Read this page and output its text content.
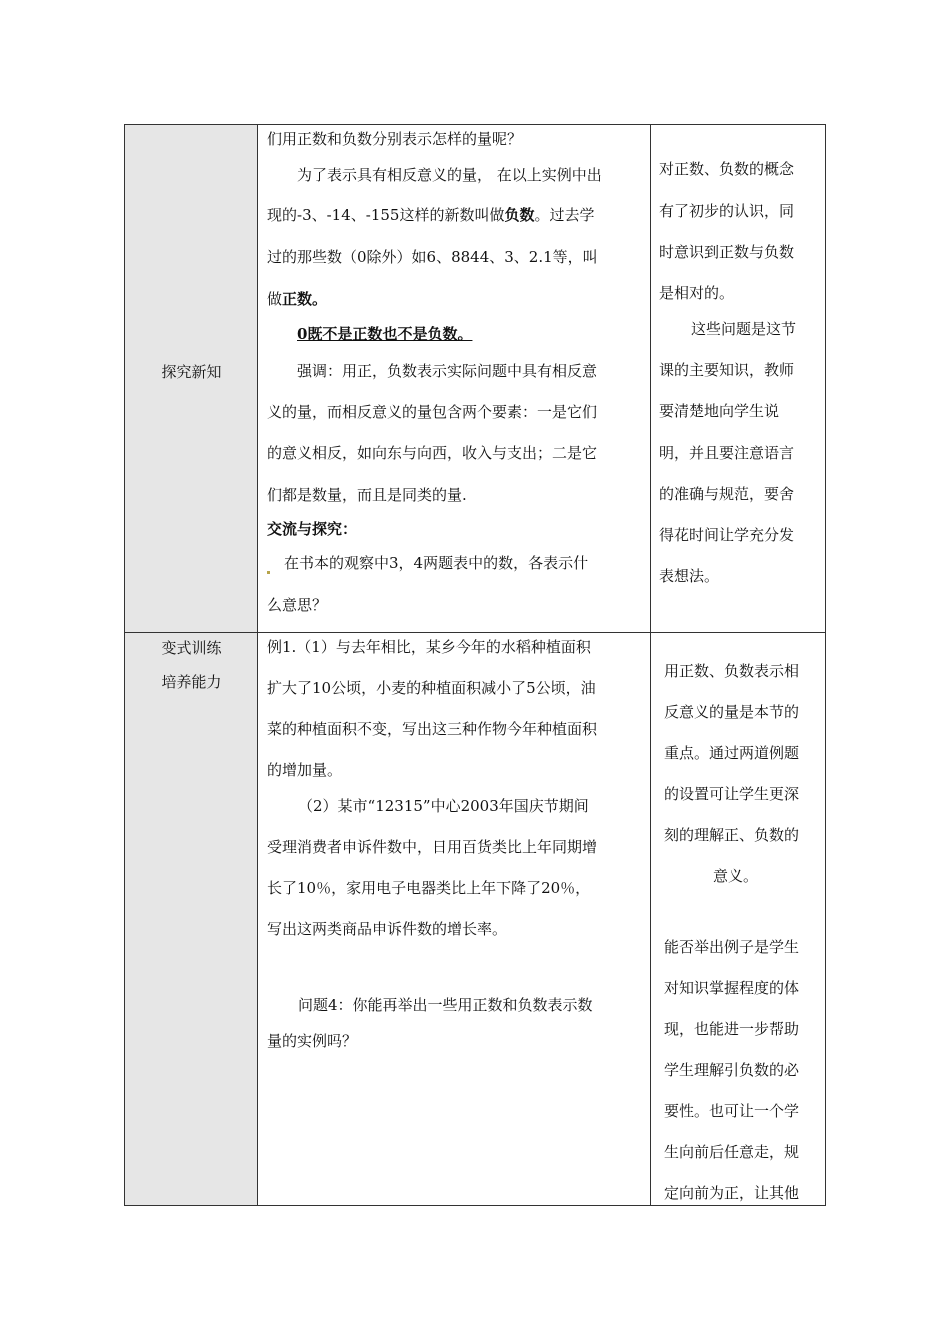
探究新知
们用正数和负数分别表示怎样的量呢？
为了表示具有相反意义的量， 在以上实例中出
现的-3、-14、-155这样的新数叫做负数。过去学
过的那些数（0除外）如6、8844、3、2.1等，叫
做正数。
0既不是正数也不是负数。
强调：用正，负数表示实际问题中具有相反意
义的量，而相反意义的量包含两个要素：一是它们
的意义相反，如向东与向西，收入与支出；二是它
们都是数量，而且是同类的量.
交流与探究：
在书本的观察中3，4两题表中的数，各表示什
么意思？
对正数、负数的概念
有了初步的认识，同
时意识到正数与负数
是相对的。
这些问题是这节
课的主要知识，教师
要清楚地向学生说
明，并且要注意语言
的准确与规范，要舍
得花时间让学充分发
表想法。
变式训练
培养能力
例1.（1）与去年相比，某乡今年的水稻种植面积
扩大了10公顷，小麦的种植面积减小了5公顷，油
菜的种植面积不变，写出这三种作物今年种植面积
的增加量。
（2）某市“12315”中心2003年国庆节期间
受理消费者申诉件数中，日用百货类比上年同期增
长了10％，家用电子电器类比上年下降了20％，
写出这两类商品申诉件数的增长率。
问题4：你能再举出一些用正数和负数表示数
量的实例吗？
用正数、负数表示相
反意义的量是本节的
重点。通过两道例题
的设置可让学生更深
刻的理解正、负数的
意义。
能否举出例子是学生
对知识掌握程度的体
现，也能进一步帮助
学生理解引负数的必
要性。也可让一个学
生向前后任意走，规
定向前为正，让其他
